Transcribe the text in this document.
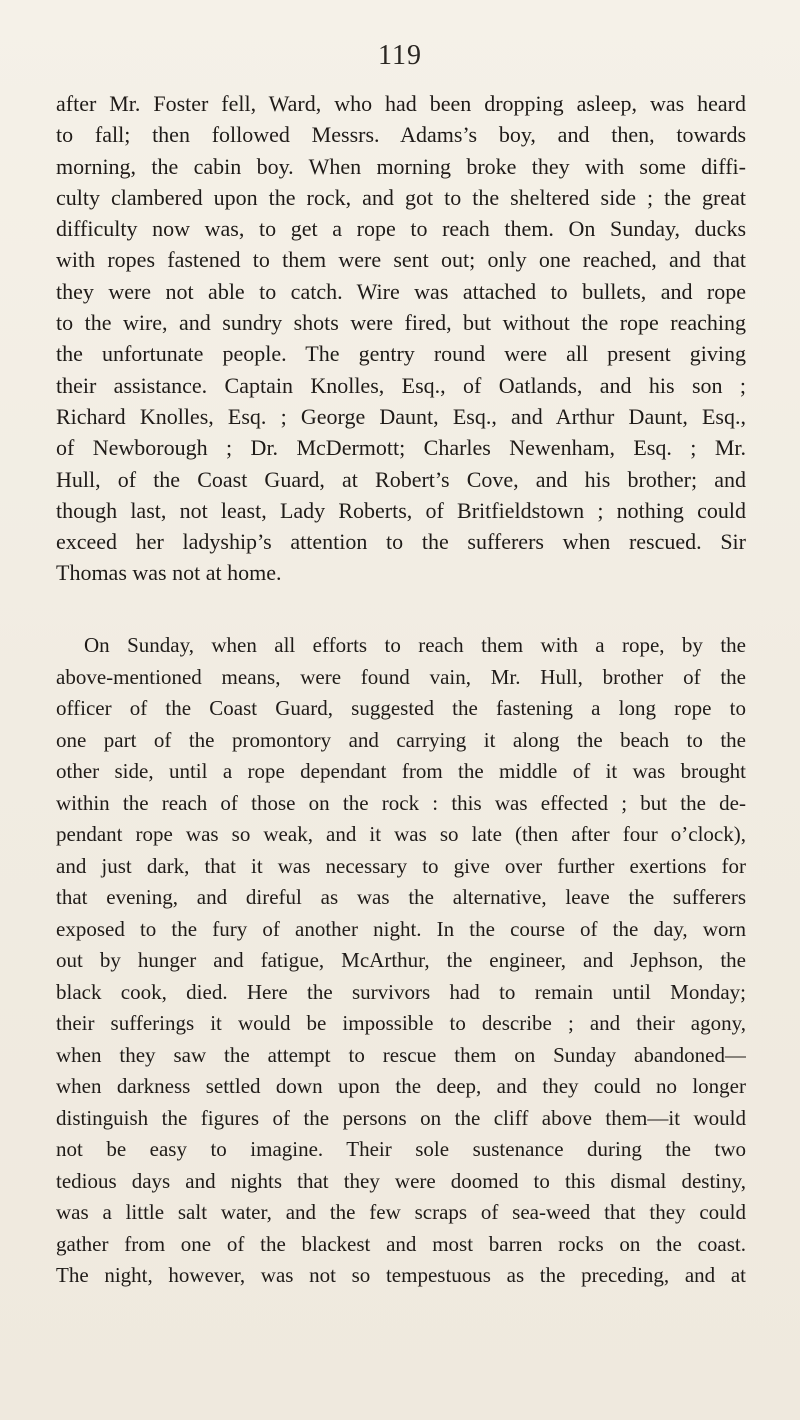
119
after Mr. Foster fell, Ward, who had been dropping asleep, was heard
to fall; then followed Messrs. Adams’s boy, and then, towards
morning, the cabin boy. When morning broke they with some diffi-
culty clambered upon the rock, and got to the sheltered side ; the great
difficulty now was, to get a rope to reach them. On Sunday, ducks
with ropes fastened to them were sent out; only one reached, and that
they were not able to catch. Wire was attached to bullets, and rope
to the wire, and sundry shots were fired, but without the rope reaching
the unfortunate people. The gentry round were all present giving
their assistance. Captain Knolles, Esq., of Oatlands, and his son ;
Richard Knolles, Esq. ; George Daunt, Esq., and Arthur Daunt, Esq.,
of Newborough ; Dr. McDermott; Charles Newenham, Esq. ; Mr.
Hull, of the Coast Guard, at Robert’s Cove, and his brother; and
though last, not least, Lady Roberts, of Britfieldstown ; nothing could
exceed her ladyship’s attention to the sufferers when rescued. Sir
Thomas was not at home.
On Sunday, when all efforts to reach them with a rope, by the
above-mentioned means, were found vain, Mr. Hull, brother of the
officer of the Coast Guard, suggested the fastening a long rope to
one part of the promontory and carrying it along the beach to the
other side, until a rope dependant from the middle of it was brought
within the reach of those on the rock : this was effected ; but the de-
pendant rope was so weak, and it was so late (then after four o’clock),
and just dark, that it was necessary to give over further exertions for
that evening, and direful as was the alternative, leave the sufferers
exposed to the fury of another night. In the course of the day, worn
out by hunger and fatigue, McArthur, the engineer, and Jephson, the
black cook, died. Here the survivors had to remain until Monday;
their sufferings it would be impossible to describe ; and their agony,
when they saw the attempt to rescue them on Sunday abandoned—
when darkness settled down upon the deep, and they could no longer
distinguish the figures of the persons on the cliff above them—it would
not be easy to imagine. Their sole sustenance during the two
tedious days and nights that they were doomed to this dismal destiny,
was a little salt water, and the few scraps of sea-weed that they could
gather from one of the blackest and most barren rocks on the coast.
The night, however, was not so tempestuous as the preceding, and at
